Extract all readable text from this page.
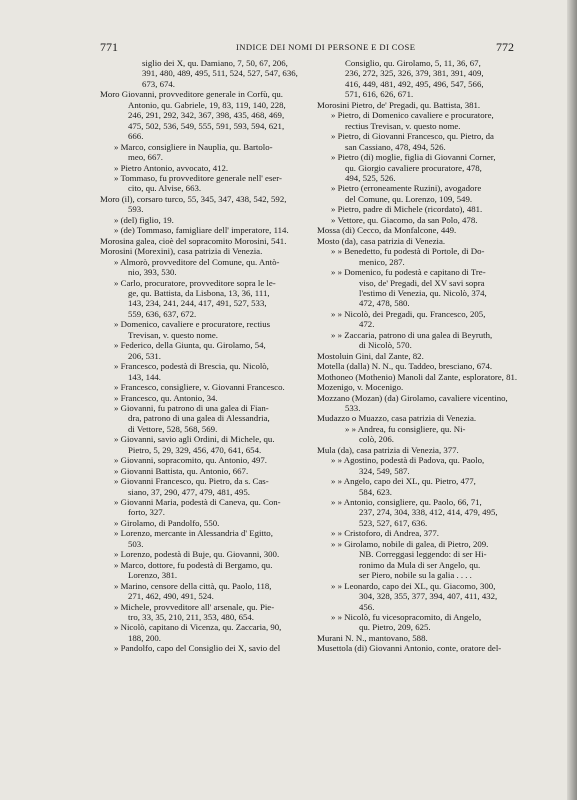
771	INDICE DEI NOMI DI PERSONE E DI COSE	772
siglio dei X, qu. Damiano, 7, 50, 67, 206,
391, 480, 489, 495, 511, 524, 527, 547, 636,
673, 674.
Moro Giovanni, provveditore generale in Corfù, qu.
Antonio, qu. Gabriele, 19, 83, 119, 140, 228,
246, 291, 292, 342, 367, 398, 435, 468, 469,
475, 502, 536, 549, 555, 591, 593, 594, 621,
666.
» Marco, consigliere in Nauplia, qu. Bartolo-
meo, 667.
» Pietro Antonio, avvocato, 412.
» Tommaso, fu provveditore generale nell' eser-
cito, qu. Alvise, 663.
Moro (il), corsaro turco, 55, 345, 347, 438, 542, 592,
593.
» (del) figlio, 19.
» (de) Tommaso, famigliare dell' imperatore, 114.
Morosina galea, cioè del sopracomito Morosini, 541.
Morosini (Morexini), casa patrizia di Venezia.
» Almorò, provveditore del Comune, qu. Antò-
nio, 393, 530.
» Carlo, procuratore, provveditore sopra le le-
ge, qu. Battista, da Lisbona, 13, 36, 111,
143, 234, 241, 244, 417, 491, 527, 533,
559, 636, 637, 672.
» Domenico, cavaliere e procuratore, rectius
Trevisan, v. questo nome.
» Federico, della Giunta, qu. Girolamo, 54,
206, 531.
» Francesco, podestà di Brescia, qu. Nicolò,
143, 144.
» Francesco, consigliere, v. Giovanni Francesco.
» Francesco, qu. Antonio, 34.
» Giovanni, fu patrono di una galea di Fian-
dra, patrono di una galea di Alessandria,
di Vettore, 528, 568, 569.
» Giovanni, savio agli Ordini, di Michele, qu.
Pietro, 5, 29, 329, 456, 470, 641, 654.
» Giovanni, sopracomito, qu. Antonio, 497.
» Giovanni Battista, qu. Antonio, 667.
» Giovanni Francesco, qu. Pietro, da s. Cas-
siano, 37, 290, 477, 479, 481, 495.
» Giovanni Maria, podestà di Caneva, qu. Con-
forto, 327.
» Girolamo, di Pandolfo, 550.
» Lorenzo, mercante in Alessandria d' Egitto,
503.
» Lorenzo, podestà di Buje, qu. Giovanni, 300.
» Marco, dottore, fu podestà di Bergamo, qu.
Lorenzo, 381.
» Marino, censore della città, qu. Paolo, 118,
271, 462, 490, 491, 524.
» Michele, provveditore all' arsenale, qu. Pie-
tro, 33, 35, 210, 211, 353, 480, 654.
» Nicolò, capitano di Vicenza, qu. Zaccaria, 90,
188, 200.
» Pandolfo, capo del Consiglio dei X, savio del
Consiglio, qu. Girolamo, 5, 11, 36, 67,
236, 272, 325, 326, 379, 381, 391, 409,
416, 449, 481, 492, 495, 496, 547, 566,
571, 616, 626, 671.
Morosini Pietro, de' Pregadi, qu. Battista, 381.
» Pietro, di Domenico cavaliere e procuratore,
rectius Trevisan, v. questo nome.
» Pietro, di Giovanni Francesco, qu. Pietro, da
san Cassiano, 478, 494, 526.
» Pietro (di) moglie, figlia di Giovanni Corner,
qu. Giorgio cavaliere procuratore, 478,
494, 525, 526.
» Pietro (erroneamente Ruzini), avogadore
del Comune, qu. Lorenzo, 109, 549.
» Pietro, padre di Michele (ricordato), 481.
» Vettore, qu. Giacomo, da san Polo, 478.
Mossa (di) Cecco, da Monfalcone, 449.
Mosto (da), casa patrizia di Venezia.
» » Benedetto, fu podestà di Portole, di Do-
menico, 287.
» » Domenico, fu podestà e capitano di Tre-
viso, de' Pregadi, del XV savi sopra
l'estimo di Venezia, qu. Nicolò, 374,
472, 478, 580.
» » Nicolò, dei Pregadi, qu. Francesco, 205,
472.
» » Zaccaria, patrono di una galea di Beyruth,
di Nicolò, 570.
Mostoluin Gini, dal Zante, 82.
Motella (dalla) N. N., qu. Taddeo, bresciano, 674.
Mothoneo (Mothenio) Manoli dal Zante, esploratore, 81.
Mozenigo, v. Mocenigo.
Mozzano (Mozan) (da) Girolamo, cavaliere vicentino,
533.
Mudazzo o Muazzo, casa patrizia di Venezia.
» » Andrea, fu consigliere, qu. Ni-
colò, 206.
Mula (da), casa patrizia di Venezia, 377.
» » Agostino, podestà di Padova, qu. Paolo,
324, 549, 587.
» » Angelo, capo dei XL, qu. Pietro, 477,
584, 623.
» » Antonio, consigliere, qu. Paolo, 66, 71,
237, 274, 304, 338, 412, 414, 479, 495,
523, 527, 617, 636.
» » Cristoforo, di Andrea, 377.
» » Girolamo, nobile di galea, di Pietro, 209.
NB. Correggasi leggendo: di ser Hi-
ronimo da Mula di ser Angelo, qu.
ser Piero, nobile su la galia . . . .
» » Leonardo, capo dei XL, qu. Giacomo, 300,
304, 328, 355, 377, 394, 407, 411, 432,
456.
» » Nicolò, fu vicesopracomito, di Angelo,
qu. Pietro, 209, 625.
Murani N. N., mantovano, 588.
Musettola (di) Giovanni Antonio, conte, oratore del-
